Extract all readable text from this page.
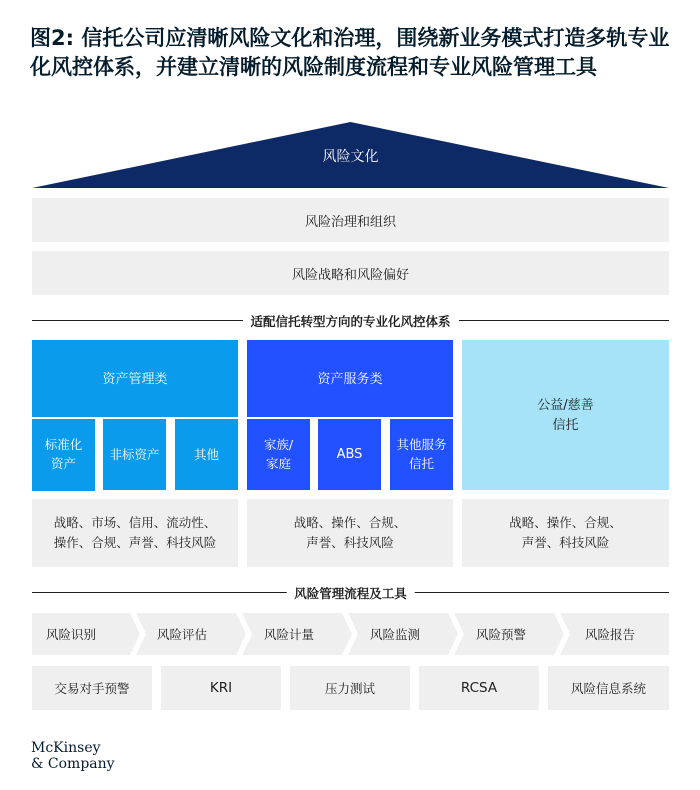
图2: 信托公司应清晰风险文化和治理，围绕新业务模式打造多轨专业化风控体系，并建立清晰的风险制度流程和专业风险管理工具
风险文化
风险治理和组织
风险战略和风险偏好
适配信托转型方向的专业化风控体系
资产管理类
标准化
资产
非标资产	其他
资产服务类
家族/
家庭
ABS
其他服务
信托
公益/慈善
信托
战略、市场、信用、流动性、
操作、合规、声誉、科技风险
战略、操作、合规、
声誉、科技风险
战略、操作、合规、
声誉、科技风险
风险管理流程及工具
风险识别	风险评估	风险计量	风险监测	风险预警	风险报告
交易对手预警	KRI	压力测试	RCSA	风险信息系统
McKinsey
& Company
